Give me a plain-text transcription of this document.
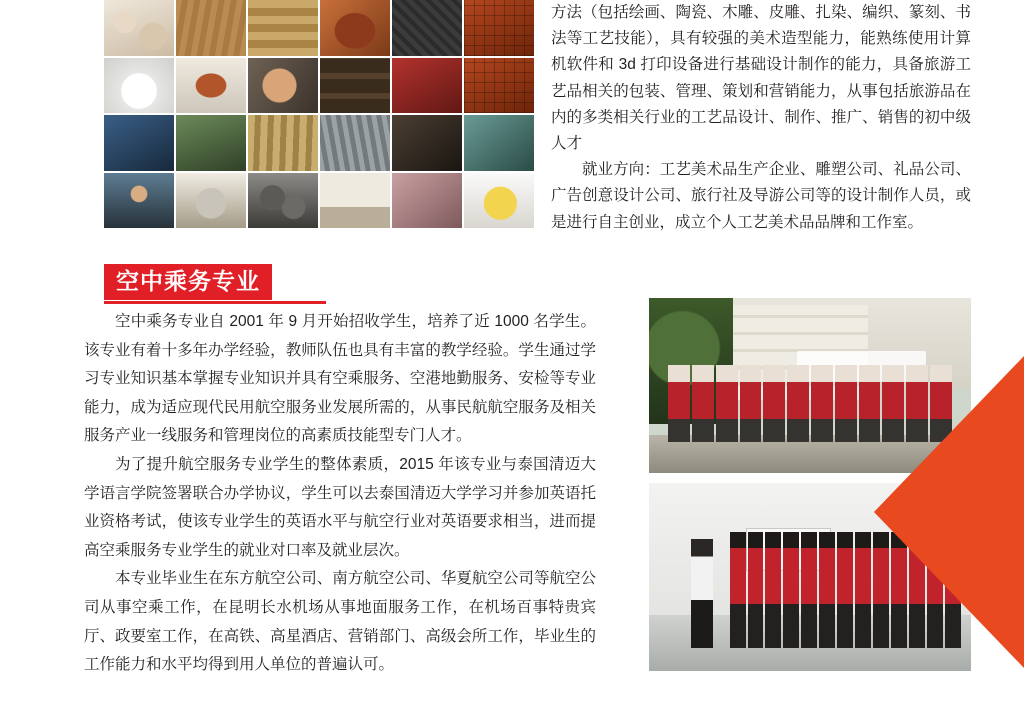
方法（包括绘画、陶瓷、木雕、皮雕、扎染、编织、篆刻、书法等工艺技能），具有较强的美术造型能力，能熟练使用计算机软件和 3d 打印设备进行基础设计制作的能力，具备旅游工艺品相关的包装、管理、策划和营销能力，从事包括旅游品在内的多类相关行业的工艺品设计、制作、推广、销售的初中级人才

就业方向：工艺美术品生产企业、雕塑公司、礼品公司、广告创意设计公司、旅行社及导游公司等的设计制作人员，或是进行自主创业，成立个人工艺美术品品牌和工作室。

空中乘务专业

空中乘务专业自 2001 年 9 月开始招收学生，培养了近 1000 名学生。该专业有着十多年办学经验，教师队伍也具有丰富的教学经验。学生通过学习专业知识基本掌握专业知识并具有空乘服务、空港地勤服务、安检等专业能力，成为适应现代民用航空服务业发展所需的，从事民航航空服务及相关服务产业一线服务和管理岗位的高素质技能型专门人才。

为了提升航空服务专业学生的整体素质，2015 年该专业与泰国清迈大学语言学院签署联合办学协议，学生可以去泰国清迈大学学习并参加英语托业资格考试，使该专业学生的英语水平与航空行业对英语要求相当，进而提高空乘服务专业学生的就业对口率及就业层次。

本专业毕业生在东方航空公司、南方航空公司、华夏航空公司等航空公司从事空乘工作，在昆明长水机场从事地面服务工作，在机场百事特贵宾厅、政要室工作，在高铁、高星酒店、营销部门、高级会所工作，毕业生的工作能力和水平均得到用人单位的普遍认可。
